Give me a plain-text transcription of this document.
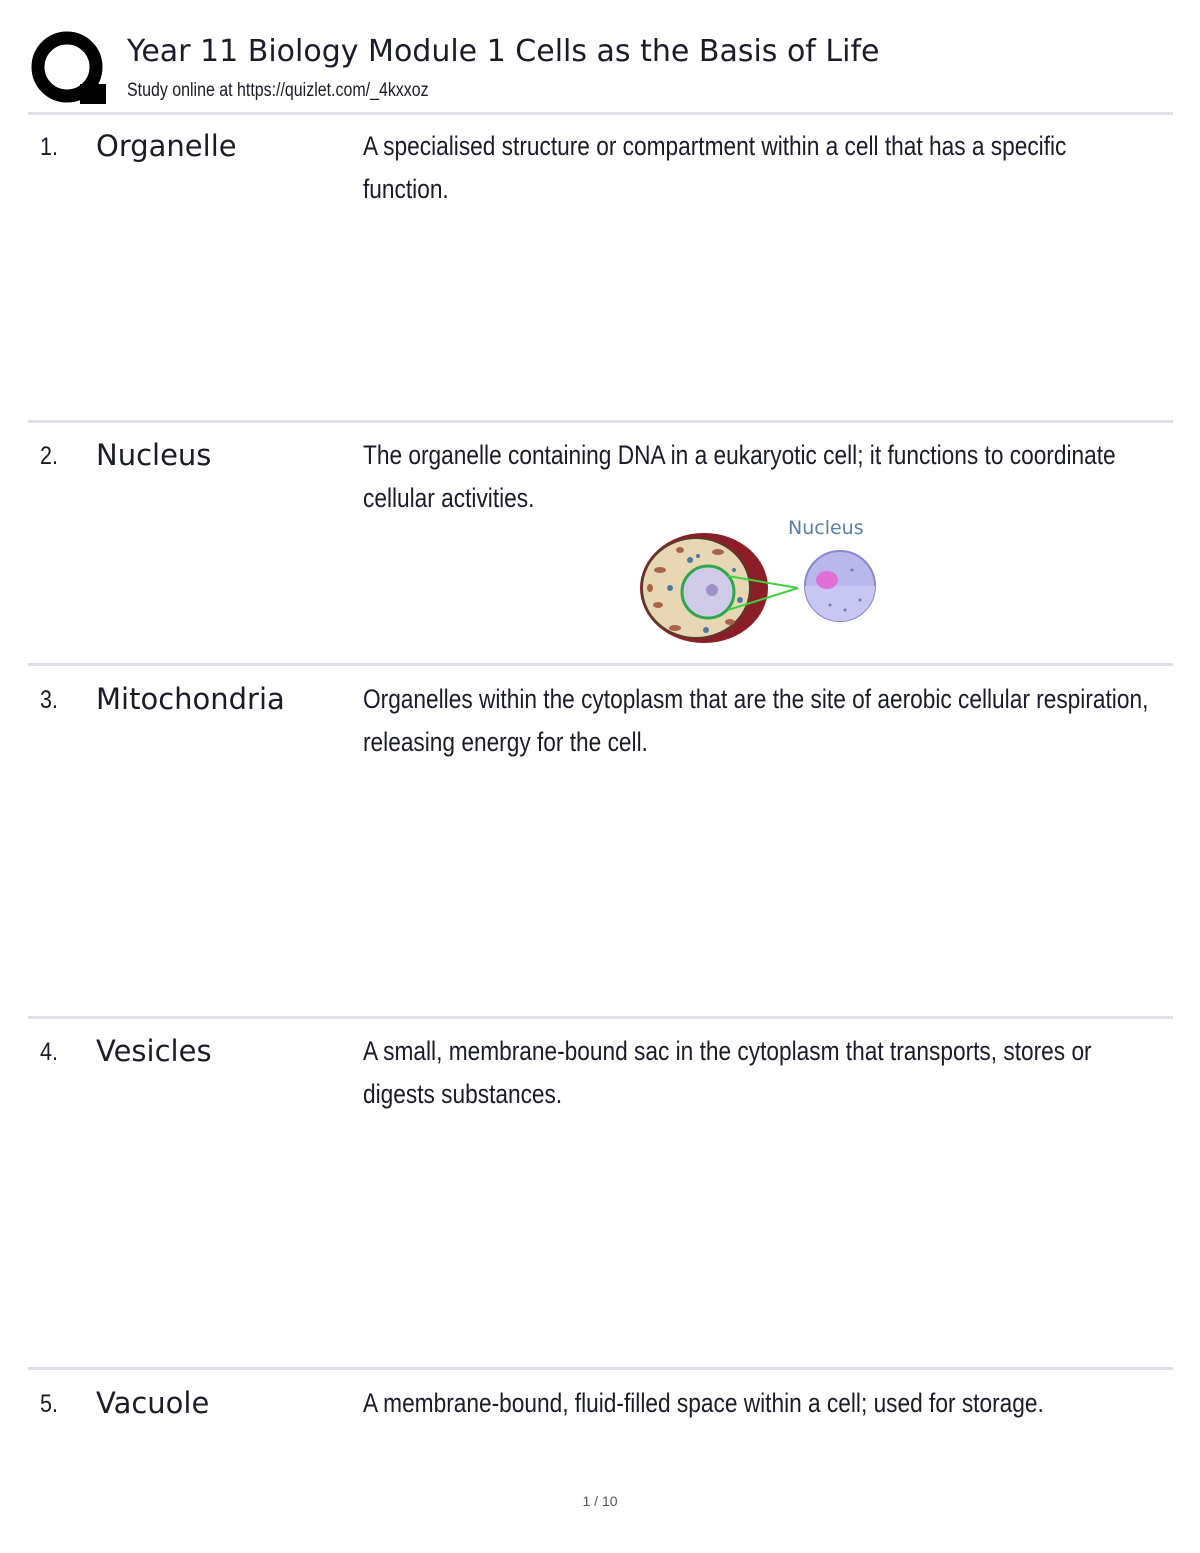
Year 11 Biology Module 1 Cells as the Basis of Life
Study online at https://quizlet.com/_4kxxoz
1. Organelle	A specialised structure or compartment within a cell that has a specific function.
2. Nucleus	The organelle containing DNA in a eukaryotic cell; it functions to coordinate cellular activities.
Nucleus
3. Mitochondria	Organelles within the cytoplasm that are the site of aerobic cellular respiration, releasing energy for the cell.
4. Vesicles	A small, membrane-bound sac in the cytoplasm that transports, stores or digests substances.
5. Vacuole	A membrane-bound, fluid-filled space within a cell; used for storage.
1 / 10
